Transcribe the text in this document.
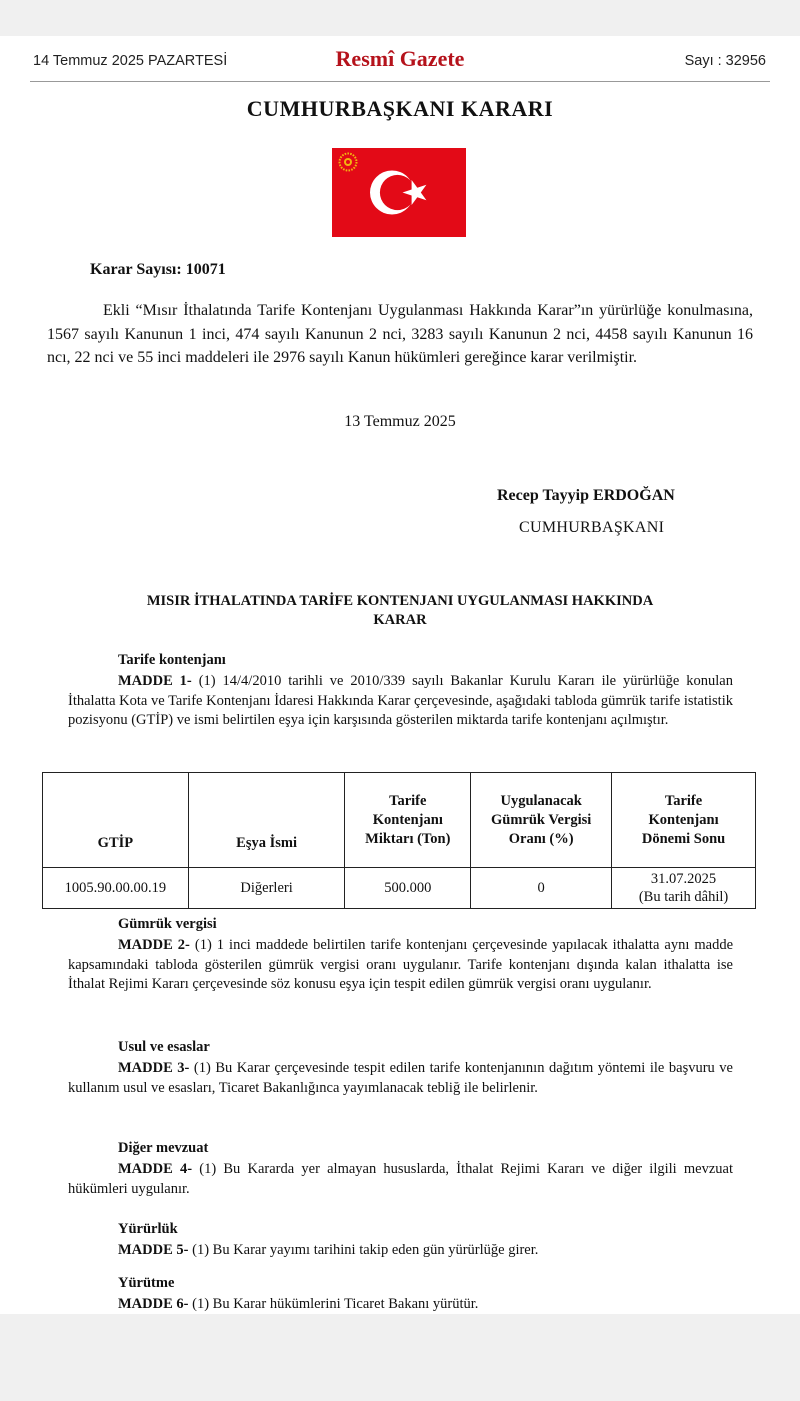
14 Temmuz 2025 PAZARTESİ	Resmî Gazete	Sayı : 32956
CUMHURBAŞKANI KARARI
Karar Sayısı: 10071
Ekli “Mısır İthalatında Tarife Kontenjanı Uygulanması Hakkında Karar”ın yürürlüğe konulmasına, 1567 sayılı Kanunun 1 inci, 474 sayılı Kanunun 2 nci, 3283 sayılı Kanunun 2 nci, 4458 sayılı Kanunun 16 ncı, 22 nci ve 55 inci maddeleri ile 2976 sayılı Kanun hükümleri gereğince karar verilmiştir.
13 Temmuz 2025
Recep Tayyip ERDOĞAN
CUMHURBAŞKANI
MISIR İTHALATINDA TARİFE KONTENJANI UYGULANMASI HAKKINDA
KARAR
Tarife kontenjanı
MADDE 1- (1) 14/4/2010 tarihli ve 2010/339 sayılı Bakanlar Kurulu Kararı ile yürürlüğe konulan İthalatta Kota ve Tarife Kontenjanı İdaresi Hakkında Karar çerçevesinde, aşağıdaki tabloda gümrük tarife istatistik pozisyonu (GTİP) ve ismi belirtilen eşya için karşısında gösterilen miktarda tarife kontenjanı açılmıştır.
GTİP	Eşya İsmi	Tarife Kontenjanı Miktarı (Ton)	Uygulanacak Gümrük Vergisi Oranı (%)	Tarife Kontenjanı Dönemi Sonu
1005.90.00.00.19	Diğerleri	500.000	0	31.07.2025
(Bu tarih dâhil)
Gümrük vergisi
MADDE 2- (1) 1 inci maddede belirtilen tarife kontenjanı çerçevesinde yapılacak ithalatta aynı madde kapsamındaki tabloda gösterilen gümrük vergisi oranı uygulanır. Tarife kontenjanı dışında kalan ithalatta ise İthalat Rejimi Kararı çerçevesinde söz konusu eşya için tespit edilen gümrük vergisi oranı uygulanır.
Usul ve esaslar
MADDE 3- (1) Bu Karar çerçevesinde tespit edilen tarife kontenjanının dağıtım yöntemi ile başvuru ve kullanım usul ve esasları, Ticaret Bakanlığınca yayımlanacak tebliğ ile belirlenir.
Diğer mevzuat
MADDE 4- (1) Bu Kararda yer almayan hususlarda, İthalat Rejimi Kararı ve diğer ilgili mevzuat hükümleri uygulanır.
Yürürlük
MADDE 5- (1) Bu Karar yayımı tarihini takip eden gün yürürlüğe girer.
Yürütme
MADDE 6- (1) Bu Karar hükümlerini Ticaret Bakanı yürütür.
